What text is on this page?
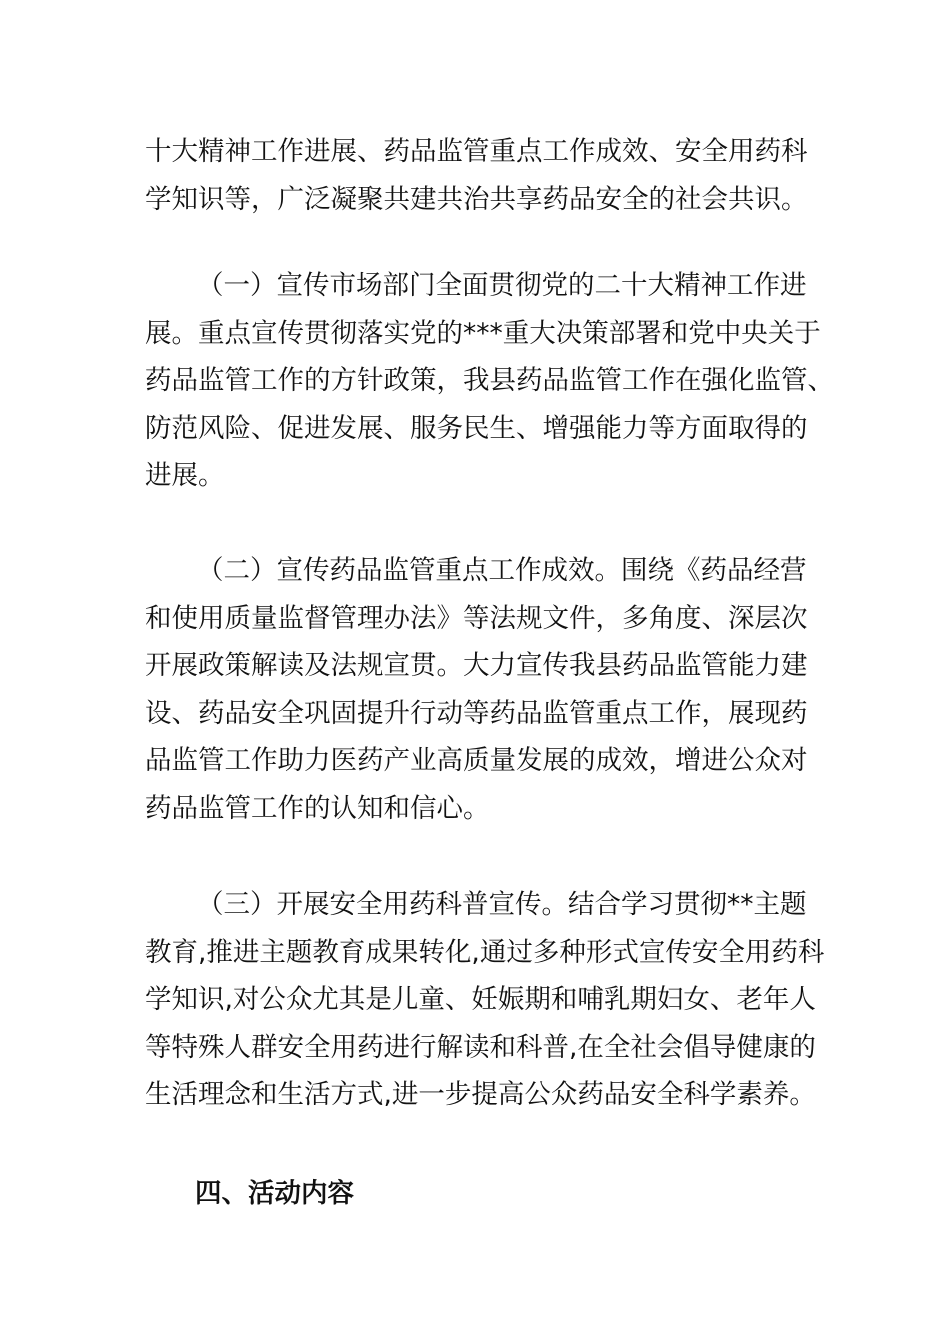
十大精神工作进展、药品监管重点工作成效、安全用药科
学知识等，广泛凝聚共建共治共享药品安全的社会共识。
（一）宣传市场部门全面贯彻党的二十大精神工作进
展。重点宣传贯彻落实党的***重大决策部署和党中央关于
药品监管工作的方针政策，我县药品监管工作在强化监管、
防范风险、促进发展、服务民生、增强能力等方面取得的
进展。
（二）宣传药品监管重点工作成效。围绕《药品经营
和使用质量监督管理办法》等法规文件，多角度、深层次
开展政策解读及法规宣贯。大力宣传我县药品监管能力建
设、药品安全巩固提升行动等药品监管重点工作，展现药
品监管工作助力医药产业高质量发展的成效，增进公众对
药品监管工作的认知和信心。
（三）开展安全用药科普宣传。结合学习贯彻**主题
教育,推进主题教育成果转化,通过多种形式宣传安全用药科
学知识,对公众尤其是儿童、妊娠期和哺乳期妇女、老年人
等特殊人群安全用药进行解读和科普,在全社会倡导健康的
生活理念和生活方式,进一步提高公众药品安全科学素养。
四、活动内容
